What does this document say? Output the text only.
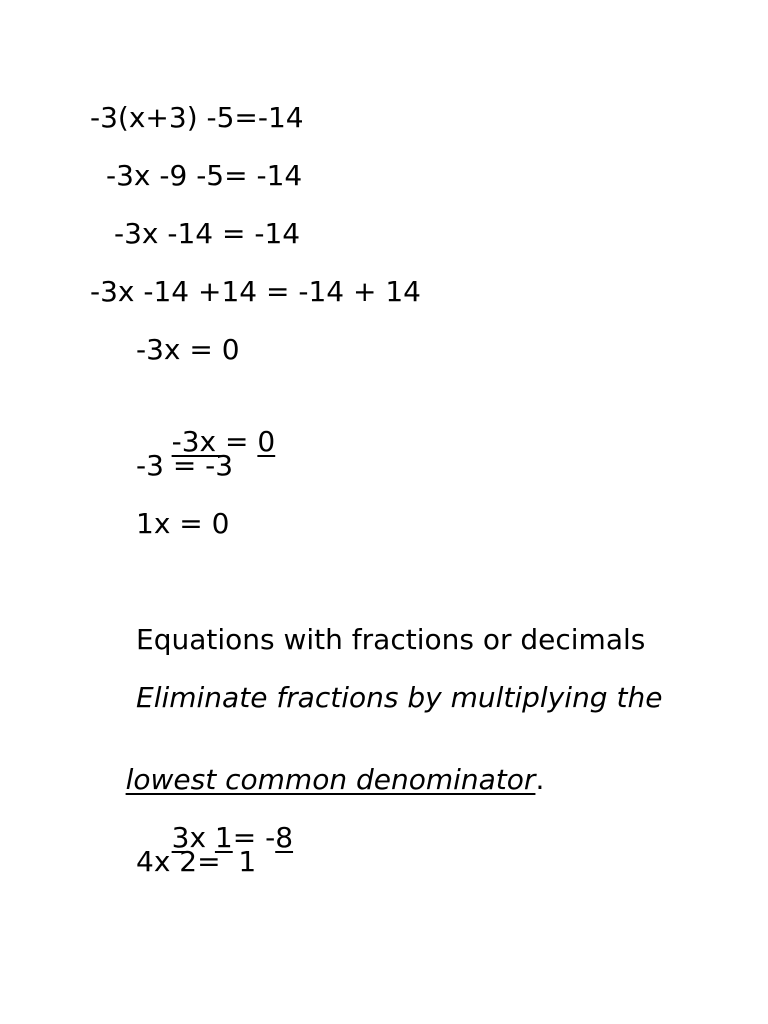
-3(x+3) -5=-14
-3x -9 -5= -14
-3x -14 = -14
-3x -14 +14 = -14 + 14
-3x = 0

-3x = 0

-3 = -3
1x = 0
Equations with fractions or decimals
Eliminate fractions by multiplying the

lowest common denominator.

3x 1= -8

4x 2=  1
